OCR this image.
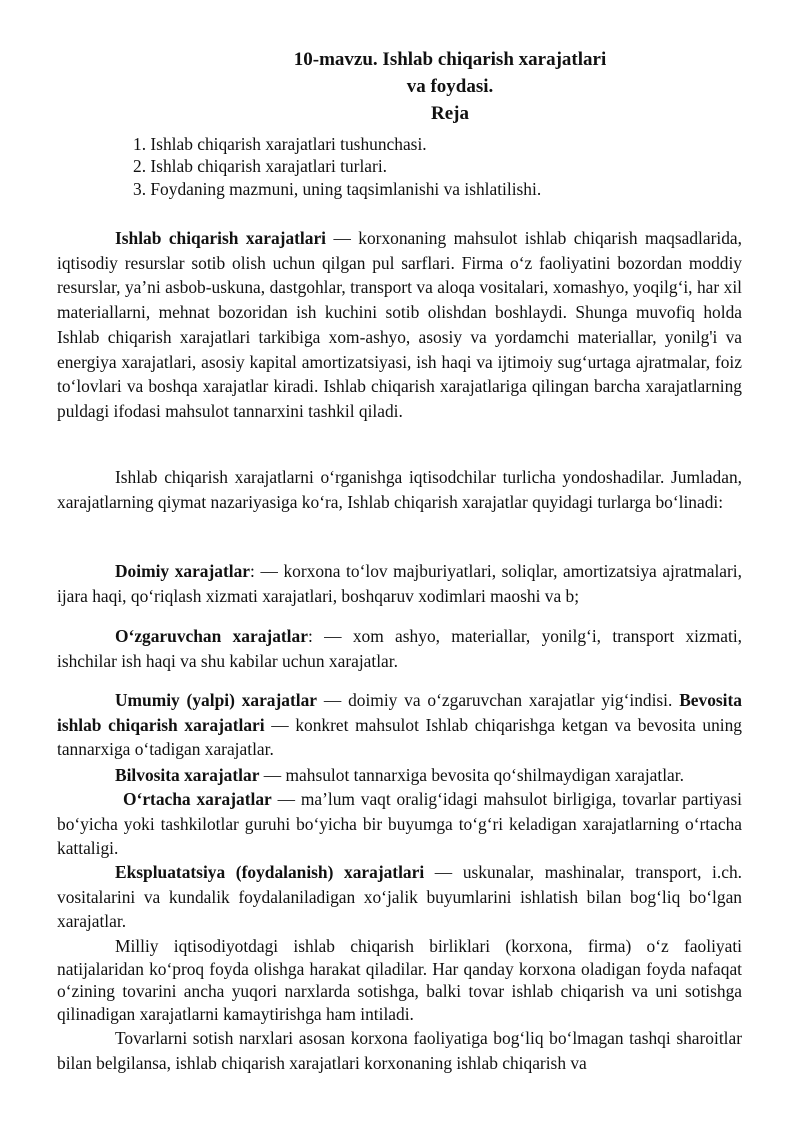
10-mavzu. Ishlab chiqarish xarajatlari
va foydasi.
Reja
1. Ishlab chiqarish xarajatlari tushunchasi.
2. Ishlab chiqarish xarajatlari turlari.
3. Foydaning mazmuni, uning taqsimlanishi va ishlatilishi.

Ishlab chiqarish xarajatlari — korxonaning mahsulot ishlab chiqarish maqsadlarida, iqtisodiy resurslar sotib olish uchun qilgan pul sarflari. Firma o‘z faoliyatini bozordan moddiy resurslar, ya’ni asbob-uskuna, dastgohlar, transport va aloqa vositalari, xomashyo, yoqilg‘i, har xil materiallarni, mehnat bozoridan ish kuchini sotib olishdan boshlaydi. Shunga muvofiq holda Ishlab chiqarish xarajatlari tarkibiga xom-ashyo, asosiy va yordamchi materiallar, yonilg'i va energiya xarajatlari, asosiy kapital amortizatsiyasi, ish haqi va ijtimoiy sug‘urtaga ajratmalar, foiz to‘lovlari va boshqa xarajatlar kiradi. Ishlab chiqarish xarajatlariga qilingan barcha xarajatlarning puldagi ifodasi mahsulot tannarxini tashkil qiladi.

Ishlab chiqarish xarajatlarni o‘rganishga iqtisodchilar turlicha yondoshadilar. Jumladan, xarajatlarning qiymat nazariyasiga ko‘ra, Ishlab chiqarish xarajatlar quyidagi turlarga bo‘linadi:

Doimiy xarajatlar: — korxona to‘lov majburiyatlari, soliqlar, amortizatsiya ajratmalari, ijara haqi, qo‘riqlash xizmati xarajatlari, boshqaruv xodimlari maoshi va b;

O‘zgaruvchan xarajatlar: — xom ashyo, materiallar, yonilg‘i, transport xizmati, ishchilar ish haqi va shu kabilar uchun xarajatlar.

Umumiy (yalpi) xarajatlar — doimiy va o‘zgaruvchan xarajatlar yig‘indisi. Bevosita ishlab chiqarish xarajatlari — konkret mahsulot Ishlab chiqarishga ketgan va bevosita uning tannarxiga o‘tadigan xarajatlar.

Bilvosita xarajatlar — mahsulot tannarxiga bevosita qo‘shilmaydigan xarajatlar.

O‘rtacha xarajatlar — ma’lum vaqt oralig‘idagi mahsulot birligiga, tovarlar partiyasi bo‘yicha yoki tashkilotlar guruhi bo‘yicha bir buyumga to‘g‘ri keladigan xarajatlarning o‘rtacha kattaligi.

Ekspluatatsiya (foydalanish) xarajatlari — uskunalar, mashinalar, transport, i.ch. vositalarini va kundalik foydalaniladigan xo‘jalik buyumlarini ishlatish bilan bog‘liq bo‘lgan xarajatlar.

Milliy iqtisodiyotdagi ishlab chiqarish birliklari (korxona, firma) o‘z faoliyati natijalaridan ko‘proq foyda olishga harakat qiladilar. Har qanday korxona oladigan foyda nafaqat o‘zining tovarini ancha yuqori narxlarda sotishga, balki tovar ishlab chiqarish va uni sotishga qilinadigan xarajatlarni kamaytirishga ham intiladi.

Tovarlarni sotish narxlari asosan korxona faoliyatiga bog‘liq bo‘lmagan tashqi sharoitlar bilan belgilansa, ishlab chiqarish xarajatlari korxonaning ishlab chiqarish va
